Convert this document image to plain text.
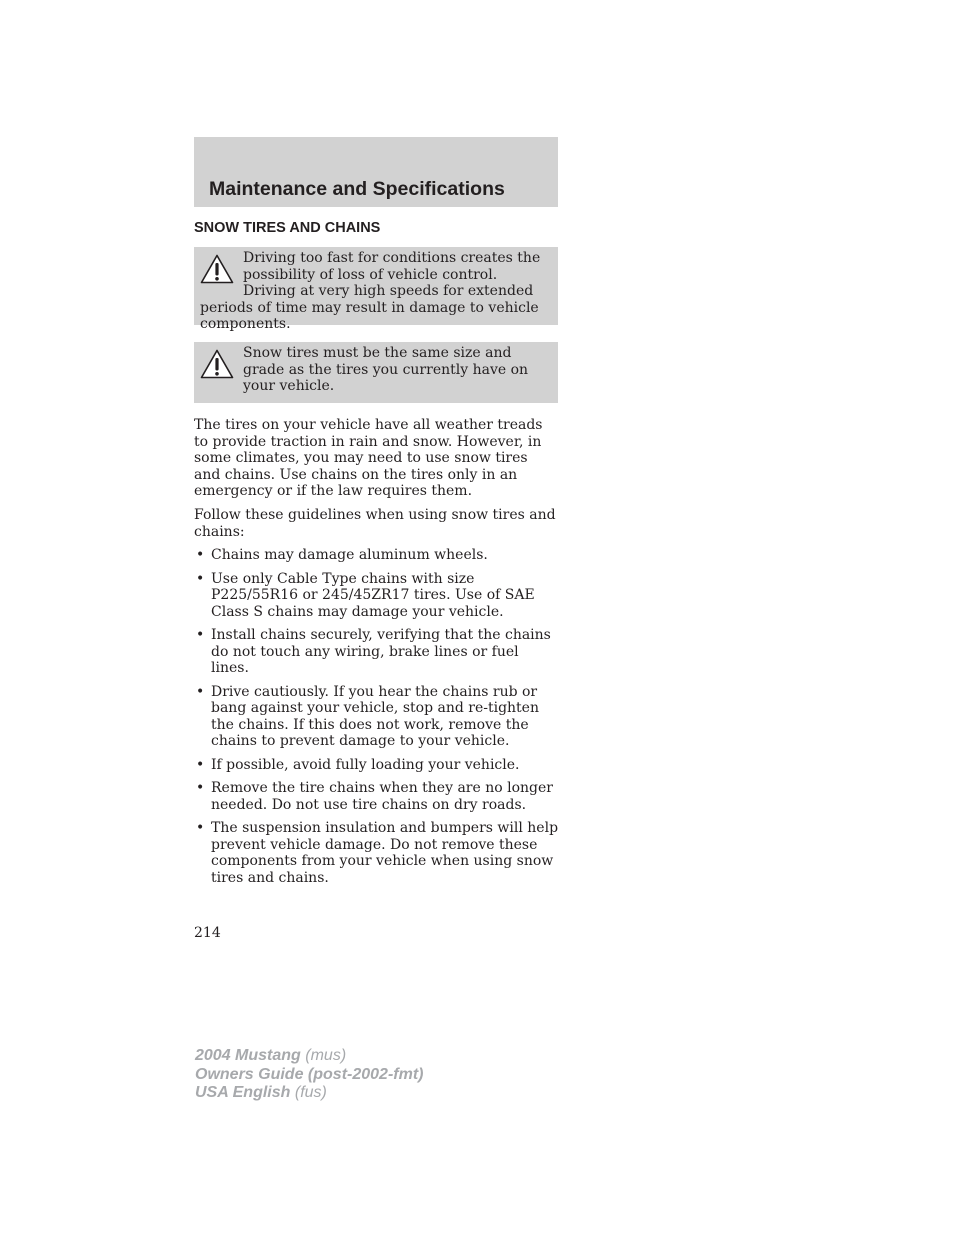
Maintenance and Specifications
SNOW TIRES AND CHAINS

Driving too fast for conditions creates the possibility of loss of vehicle control. Driving at very high speeds for extended periods of time may result in damage to vehicle components.

Snow tires must be the same size and grade as the tires you currently have on your vehicle.

The tires on your vehicle have all weather treads to provide traction in rain and snow. However, in some climates, you may need to use snow tires and chains. Use chains on the tires only in an emergency or if the law requires them.

Follow these guidelines when using snow tires and chains:

• Chains may damage aluminum wheels.
• Use only Cable Type chains with size P225/55R16 or 245/45ZR17 tires. Use of SAE Class S chains may damage your vehicle.
• Install chains securely, verifying that the chains do not touch any wiring, brake lines or fuel lines.
• Drive cautiously. If you hear the chains rub or bang against your vehicle, stop and re-tighten the chains. If this does not work, remove the chains to prevent damage to your vehicle.
• If possible, avoid fully loading your vehicle.
• Remove the tire chains when they are no longer needed. Do not use tire chains on dry roads.
• The suspension insulation and bumpers will help prevent vehicle damage. Do not remove these components from your vehicle when using snow tires and chains.

214

2004 Mustang (mus)
Owners Guide (post-2002-fmt)
USA English (fus)
